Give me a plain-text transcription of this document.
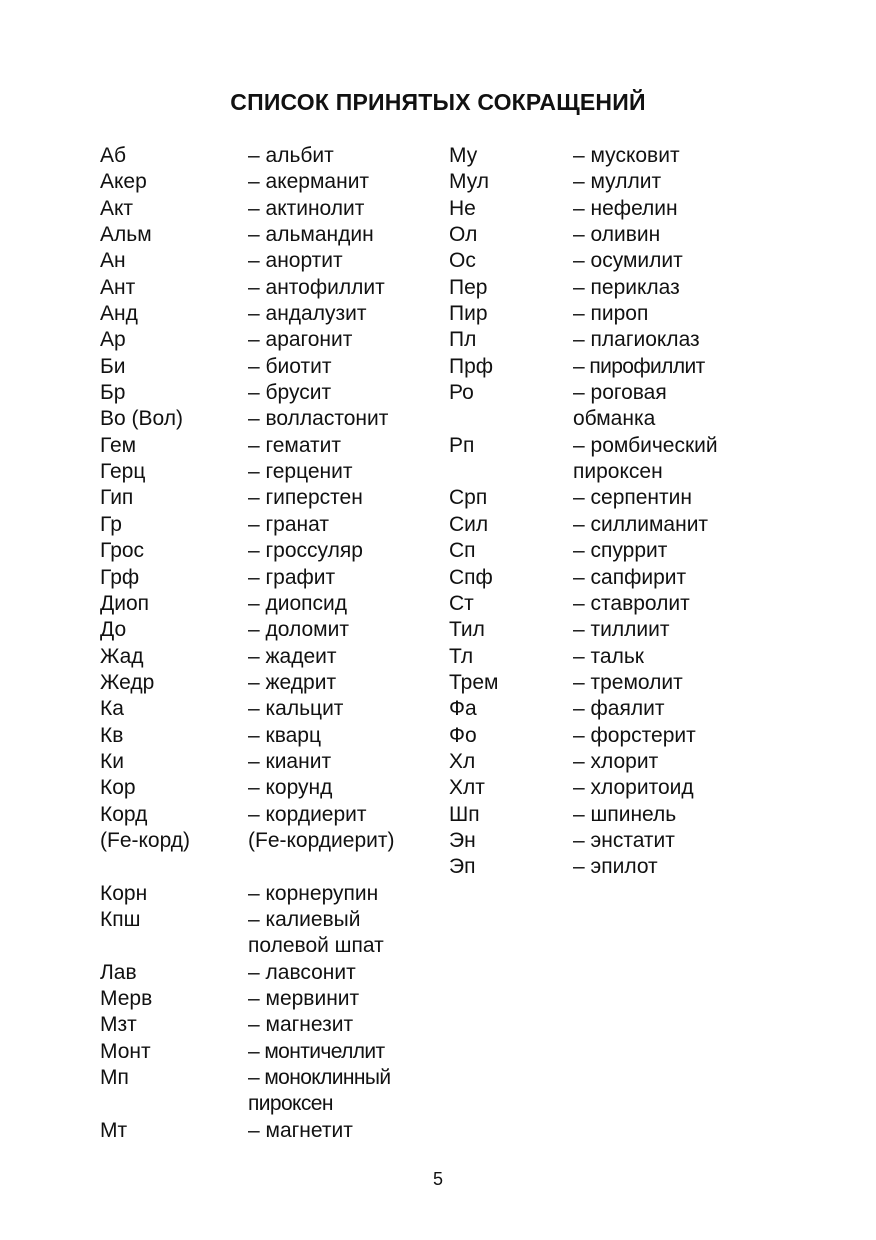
СПИСОК ПРИНЯТЫХ СОКРАЩЕНИЙ
Аб	– альбит
Акер	– акерманит
Акт	– актинолит
Альм	– альмандин
Ан	– анортит
Ант	– антофиллит
Анд	– андалузит
Ар	– арагонит
Би	– биотит
Бр	– брусит
Во (Вол)	– волластонит
Гем	– гематит
Герц	– герценит
Гип	– гиперстен
Гр	– гранат
Грос	– гроссуляр
Грф	– графит
Диоп	– диопсид
До	– доломит
Жад	– жадеит
Жедр	– жедрит
Ка	– кальцит
Кв	– кварц
Ки	– кианит
Кор	– корунд
Корд	– кордиерит
(Fe-корд)	(Fe-кордиерит)
Корн	– корнерупин
Кпш	– калиевый
полевой шпат
Лав	– лавсонит
Мерв	– мервинит
Мзт	– магнезит
Монт	– монтичеллит
Мп	– моноклинный
пироксен
Мт	– магнетит
Му	– мусковит
Мул	– муллит
Не	– нефелин
Ол	– оливин
Ос	– осумилит
Пер	– периклаз
Пир	– пироп
Пл	– плагиоклаз
Прф	– пирофиллит
Ро	– роговая
обманка
Рп	– ромбический
пироксен
Срп	– серпентин
Сил	– силлиманит
Сп	– спуррит
Спф	– сапфирит
Ст	– ставролит
Тил	– тиллиит
Тл	– тальк
Трем	– тремолит
Фа	– фаялит
Фо	– форстерит
Хл	– хлорит
Хлт	– хлоритоид
Шп	– шпинель
Эн	– энстатит
Эп	– эпилот
5
